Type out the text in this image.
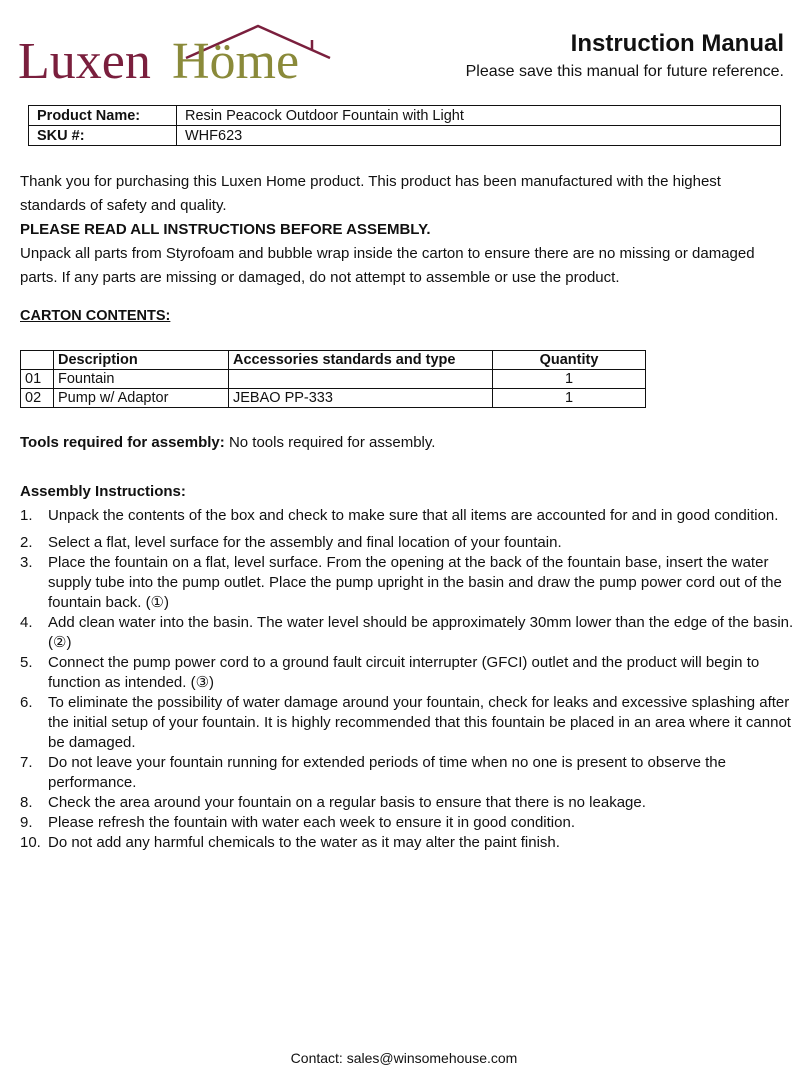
Luxen Höme	Instruction Manual
Please save this manual for future reference.
Product Name:	Resin Peacock Outdoor Fountain with Light
SKU #:	WHF623

Thank you for purchasing this Luxen Home product. This product has been manufactured with the highest standards of safety and quality.

PLEASE READ ALL INSTRUCTIONS BEFORE ASSEMBLY.

Unpack all parts from Styrofoam and bubble wrap inside the carton to ensure there are no missing or damaged parts. If any parts are missing or damaged, do not attempt to assemble or use the product.

CARTON CONTENTS:
	Description	Accessories standards and type	Quantity
01	Fountain		1
02	Pump w/ Adaptor	JEBAO PP-333	1
Tools required for assembly: No tools required for assembly.
Assembly Instructions:
1. Unpack the contents of the box and check to make sure that all items are accounted for and in good condition.
2. Select a flat, level surface for the assembly and final location of your fountain.
3. Place the fountain on a flat, level surface. From the opening at the back of the fountain base, insert the water supply tube into the pump outlet. Place the pump upright in the basin and draw the pump power cord out of the fountain back. (①)
4. Add clean water into the basin. The water level should be approximately 30mm lower than the edge of the basin. (②)
5. Connect the pump power cord to a ground fault circuit interrupter (GFCI) outlet and the product will begin to function as intended. (③)
6. To eliminate the possibility of water damage around your fountain, check for leaks and excessive splashing after the initial setup of your fountain. It is highly recommended that this fountain be placed in an area where it cannot be damaged.
7. Do not leave your fountain running for extended periods of time when no one is present to observe the performance.
8. Check the area around your fountain on a regular basis to ensure that there is no leakage.
9. Please refresh the fountain with water each week to ensure it in good condition.
10. Do not add any harmful chemicals to the water as it may alter the paint finish.
Contact: sales@winsomehouse.com
